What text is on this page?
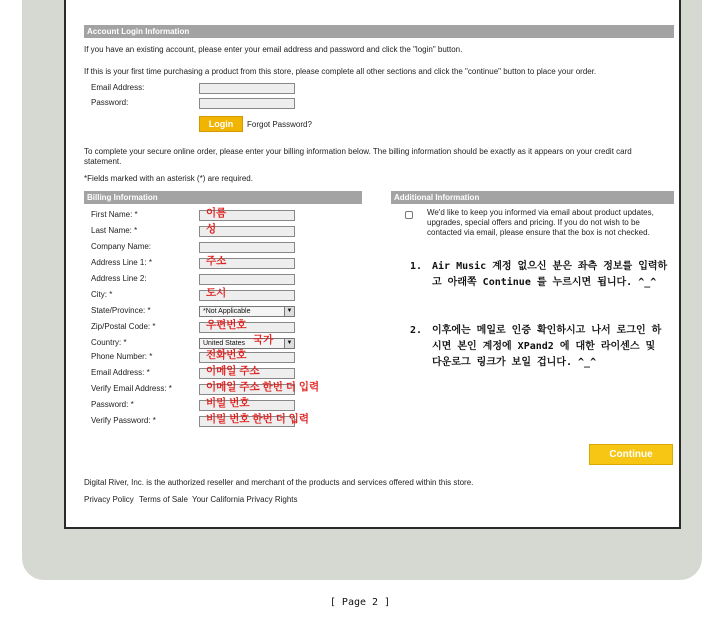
Account Login Information
If you have an existing account, please enter your email address and password and click the "login" button.
If this is your first time purchasing a product from this store, please complete all other sections and click the "continue" button to place your order.
Email Address:
Password:
Login	Forgot Password?
To complete your secure online order, please enter your billing information below. The billing information should be exactly as it appears on your credit card statement.
*Fields marked with an asterisk (*) are required.
Billing Information	Additional Information
First Name: *	이름
Last Name: *	성
Company Name:
Address Line 1: *	주소
Address Line 2:
City: *	도시
State/Province: *	*Not Applicable	▼
Zip/Postal Code: *	우편번호
Country: *	United States	▼
국가
Phone Number: *	전화번호
Email Address: *	이메일 주소
Verify Email Address: *	이메일 주소 한번 더 입력
Password: *	비밀 번호
Verify Password: *	비밀 번호 한번 더 입력
We'd like to keep you informed via email about product updates, upgrades, special offers and pricing. If you do not wish to be contacted via email, please ensure that the box is not checked.
1. Air Music 계정 없으신 분은 좌측 정보를 입력하고 아래쪽 Continue 를 누르시면 됩니다. ^_^
2. 이후에는 메일로 인증 확인하시고 나서 로그인 하시면 본인 계정에 XPand2 에 대한 라이센스 및 다운로그 링크가 보일 겁니다. ^_^
Continue
Digital River, Inc. is the authorized reseller and merchant of the products and services offered within this store.
Privacy Policy Terms of Sale Your California Privacy Rights
[ Page 2 ]
